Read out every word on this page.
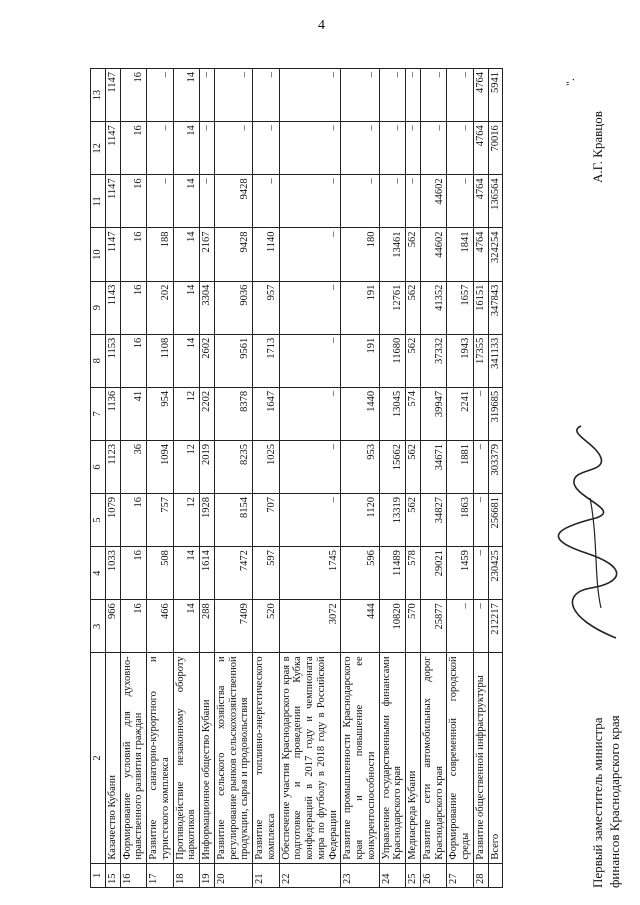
4
1	2	3	4	5	6	7	8	9	10	11	12	13
15	Казачество Кубани	966	1033	1079	1123	1136	1153	1143	1147	1147	1147	1147
16	Формирование условий для духовно-нравственного развития граждан	16	16	16	36	41	16	16	16	16	16	16
17	Развитие санаторно-курортного и туристского комплекса	466	508	757	1094	954	1108	202	188	–	–	–
18	Противодействие незаконному обороту наркотиков	14	14	12	12	12	14	14	14	14	14	14
19	Информационное общество Кубани	288	1614	1928	2019	2202	2602	3304	2167	–	–	–
20	Развитие сельского хозяйства и регулирование рынков сельскохозяйственной продукции, сырья и продовольствия	7409	7472	8154	8235	8378	9561	9036	9428	9428	–	–
21	Развитие топливно-энергетического комплекса	520	597	707	1025	1647	1713	957	1140	–	–	–
22	Обеспечение участия Краснодарского края в подготовке и проведении Кубка конфедераций в 2017 году и чемпионата мира по футболу в 2018 году в Российской Федерации	3072	1745	–	–	–	–	–	–	–	–	–
23	Развитие промышленности Краснодарского края и повышение ее конкурентоспособности	444	596	1120	953	1440	191	191	180	–	–	–
24	Управление государственными финансами Краснодарского края	10820	11489	13319	15662	13045	11680	12761	13461	–	–	–
25	Медиасреда Кубани	570	578	562	562	574	562	562	562	–	–	–
26	Развитие сети автомобильных дорог Краснодарского края	25877	29021	34827	34671	39947	37332	41352	44602	44602	–	–
27	Формирование современной городской среды	–	1459	1863	1881	2241	1943	1657	1841	–	–	–
28	Развитие общественной инфраструктуры	–	–	–	–	–	17355	16151	4764	4764	4764	4764
	Всего	212217	230425	256681	303379	319685	341133	347843	324254	136564	70016	5941	".
Первый заместитель министра финансов Краснодарского края
А.Г. Кравцов
